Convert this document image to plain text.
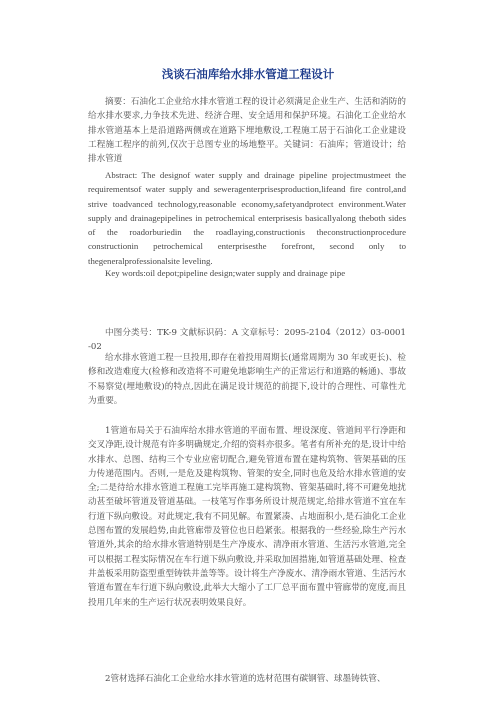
浅谈石油库给水排水管道工程设计

摘要：石油化工企业给水排水管道工程的设计必须满足企业生产、生活和消防的给水排水要求,力争技术先进、经济合理、安全适用和保护环境。石油化工企业给水排水管道基本上是沿道路两侧或在道路下埋地敷设,工程施工居于石油化工企业建设工程施工程序的前列,仅次于总图专业的场地整平。关键词：石油库；管道设计；给排水管道

Abstract: The designof water supply and drainage pipeline projectmustmeet the requirementsof water supply and seweragenterprisesproduction,lifeand fire control,and strive toadvanced technology,reasonable economy,safetyandprotect environment.Water supply and drainagepipelines in petrochemical enterprisesis basicallyalong theboth sides of the roadorburiedin the roadlaying,constructionis theconstructionprocedure constructionin petrochemical enterprisesthe forefront, second only to thegeneralprofessionalsite leveling.

Key words:oil depot;pipeline design;water supply and drainage pipe

中图分类号：TK-9 文献标识码：A 文章标号：2095-2104（2012）03-0001-02

给水排水管道工程一旦投用,即存在着投用周期长(通常周期为 30 年或更长)、检修和改造难度大(检修和改造将不可避免地影响生产的正常运行和道路的畅通)、事故不易察觉(埋地敷设)的特点,因此在满足设计规范的前提下,设计的合理性、可靠性尤为重要。

1管道布局关于石油库给水排水管道的平面布置、埋设深度、管道间平行净距和交叉净距,设计规范有许多明确规定,介绍的资料亦很多。笔者有所补充的是,设计中给水排水、总图、结构三个专业应密切配合,避免管道布置在建构筑物、管架基础的压力传递范围内。否则,一是危及建构筑物、管架的安全,同时也危及给水排水管道的安全;二是待给水排水管道工程施工完毕再施工建构筑物、管架基础时,将不可避免地扰动甚至破坏管道及管道基础。一枝笔写作事务所设计规范规定,给排水管道不宜在车行道下纵向敷设。对此规定,我有不同见解。布置紧凑、占地面积小,是石油化工企业总图布置的发展趋势,由此管廊带及管位也日趋紧张。根据我的一些经验,除生产污水管道外,其余的给水排水管道特别是生产净废水、清净雨水管道、生活污水管道,完全可以根据工程实际情况在车行道下纵向敷设,并采取加固措施,如管道基础处理、检查井盖板采用防盗型重型铸铁井盖等等。设计将生产净废水、清净雨水管道、生活污水管道布置在车行道下纵向敷设,此举大大缩小了工厂总平面布置中管廊带的宽度,而且投用几年来的生产运行状况表明效果良好。

2管材选择石油化工企业给水排水管道的选材范围有碳钢管、球墨铸铁管、
